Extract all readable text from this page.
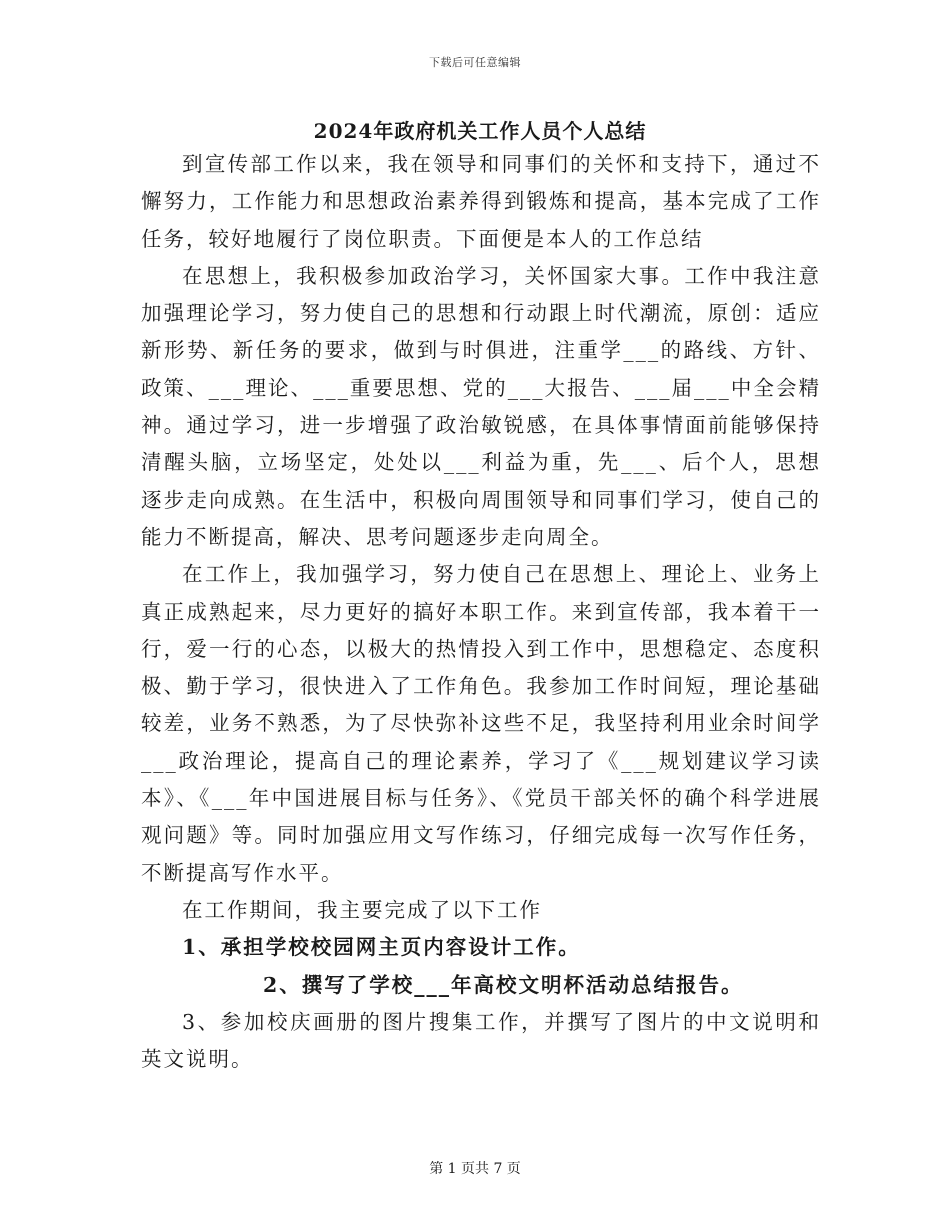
下载后可任意编辑
2024年政府机关工作人员个人总结

到宣传部工作以来，我在领导和同事们的关怀和支持下，通过不懈努力，工作能力和思想政治素养得到锻炼和提高，基本完成了工作任务，较好地履行了岗位职责。下面便是本人的工作总结

在思想上，我积极参加政治学习，关怀国家大事。工作中我注意加强理论学习，努力使自己的思想和行动跟上时代潮流，原创：适应新形势、新任务的要求，做到与时俱进，注重学___的路线、方针、政策、___理论、___重要思想、党的___大报告、___届___中全会精神。通过学习，进一步增强了政治敏锐感，在具体事情面前能够保持清醒头脑，立场坚定，处处以___利益为重，先___、后个人，思想逐步走向成熟。在生活中，积极向周围领导和同事们学习，使自己的能力不断提高，解决、思考问题逐步走向周全。

在工作上，我加强学习，努力使自己在思想上、理论上、业务上真正成熟起来，尽力更好的搞好本职工作。来到宣传部，我本着干一行，爱一行的心态，以极大的热情投入到工作中，思想稳定、态度积极、勤于学习，很快进入了工作角色。我参加工作时间短，理论基础较差，业务不熟悉，为了尽快弥补这些不足，我坚持利用业余时间学___政治理论，提高自己的理论素养，学习了《___规划建议学习读本》、《___年中国进展目标与任务》、《党员干部关怀的确个科学进展观问题》等。同时加强应用文写作练习，仔细完成每一次写作任务，不断提高写作水平。

在工作期间，我主要完成了以下工作

1、承担学校校园网主页内容设计工作。

2、撰写了学校___年高校文明杯活动总结报告。

3、参加校庆画册的图片搜集工作，并撰写了图片的中文说明和英文说明。

第 1 页共 7 页
